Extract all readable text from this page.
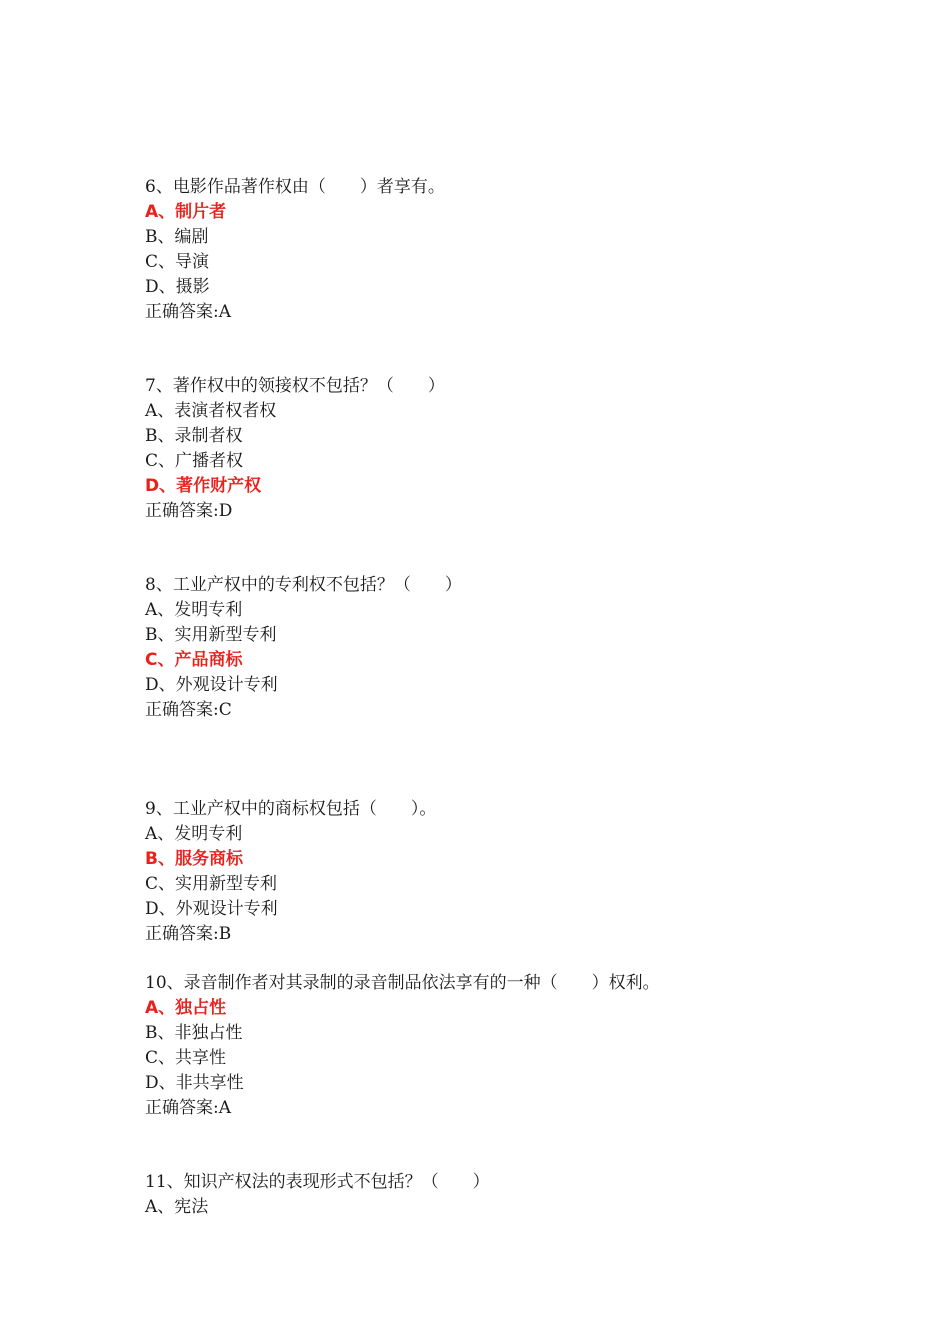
6、电影作品著作权由（　　）者享有。
A、制片者
B、编剧
C、导演
D、摄影
正确答案:A
7、著作权中的领接权不包括？（　　）
A、表演者权者权
B、录制者权
C、广播者权
D、著作财产权
正确答案:D
8、工业产权中的专利权不包括？（　　）
A、发明专利
B、实用新型专利
C、产品商标
D、外观设计专利
正确答案:C
9、工业产权中的商标权包括（　　）。
A、发明专利
B、服务商标
C、实用新型专利
D、外观设计专利
正确答案:B
10、录音制作者对其录制的录音制品依法享有的一种（　　）权利。
A、独占性
B、非独占性
C、共享性
D、非共享性
正确答案:A
11、知识产权法的表现形式不包括？（　　）
A、宪法
